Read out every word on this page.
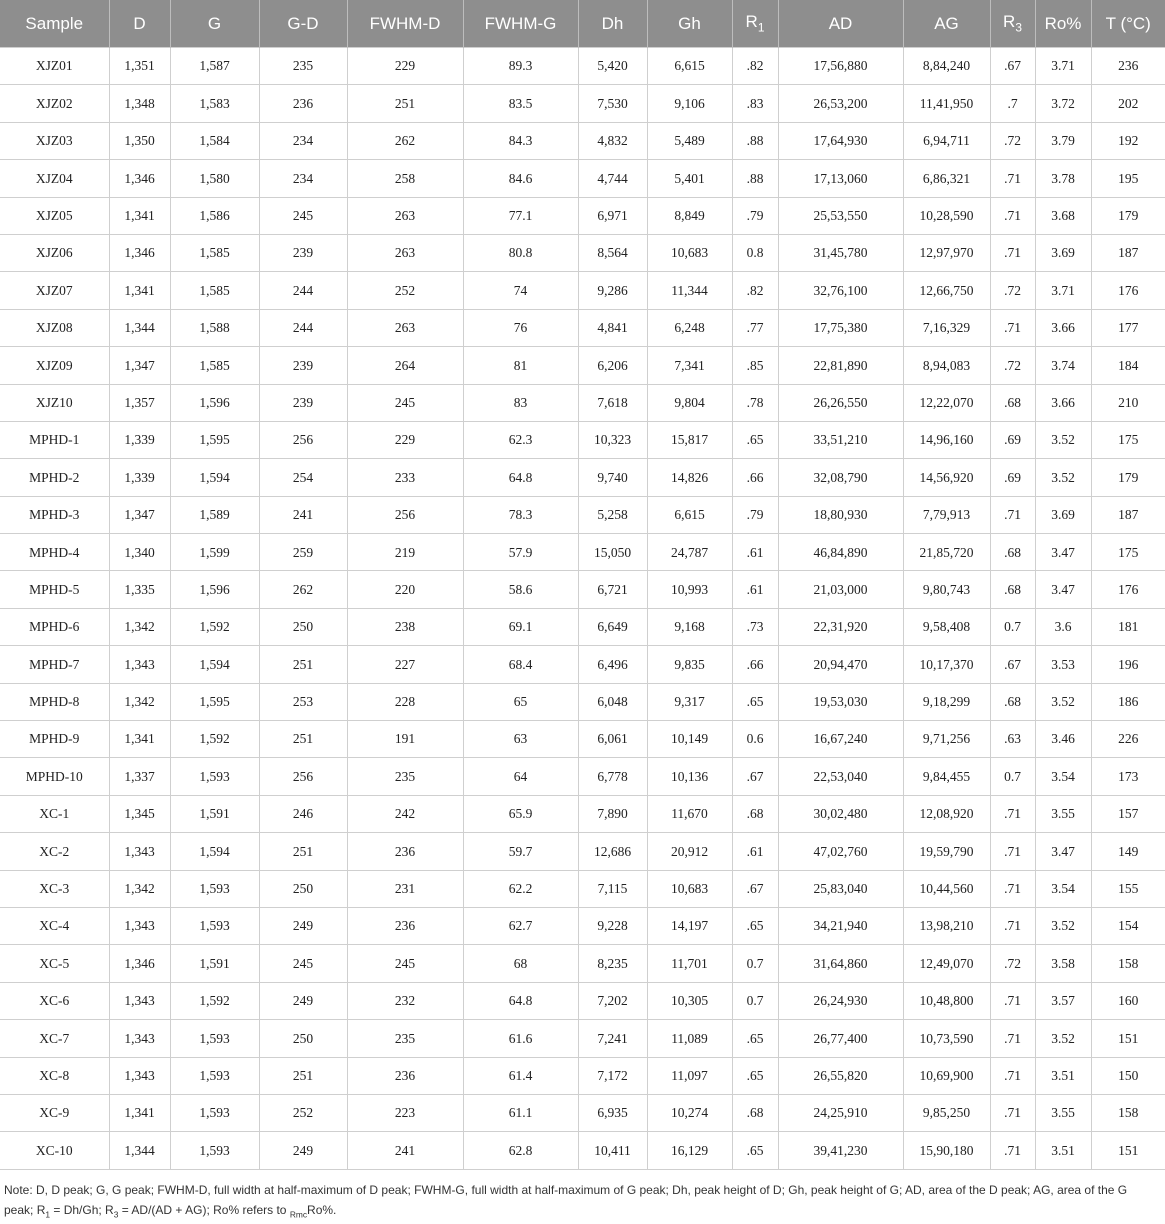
Sample	D	G	G-D	FWHM-D	FWHM-G	Dh	Gh	$R_1$	AD	AG	$R_3$	Ro%	T (°C)
XJZ01	1,351	1,587	235	229	89.3	5,420	6,615	.82	17,56,880	8,84,240	.67	3.71	236
XJZ02	1,348	1,583	236	251	83.5	7,530	9,106	.83	26,53,200	11,41,950	.7	3.72	202
XJZ03	1,350	1,584	234	262	84.3	4,832	5,489	.88	17,64,930	6,94,711	.72	3.79	192
XJZ04	1,346	1,580	234	258	84.6	4,744	5,401	.88	17,13,060	6,86,321	.71	3.78	195
XJZ05	1,341	1,586	245	263	77.1	6,971	8,849	.79	25,53,550	10,28,590	.71	3.68	179
XJZ06	1,346	1,585	239	263	80.8	8,564	10,683	0.8	31,45,780	12,97,970	.71	3.69	187
XJZ07	1,341	1,585	244	252	74	9,286	11,344	.82	32,76,100	12,66,750	.72	3.71	176
XJZ08	1,344	1,588	244	263	76	4,841	6,248	.77	17,75,380	7,16,329	.71	3.66	177
XJZ09	1,347	1,585	239	264	81	6,206	7,341	.85	22,81,890	8,94,083	.72	3.74	184
XJZ10	1,357	1,596	239	245	83	7,618	9,804	.78	26,26,550	12,22,070	.68	3.66	210
MPHD-1	1,339	1,595	256	229	62.3	10,323	15,817	.65	33,51,210	14,96,160	.69	3.52	175
MPHD-2	1,339	1,594	254	233	64.8	9,740	14,826	.66	32,08,790	14,56,920	.69	3.52	179
MPHD-3	1,347	1,589	241	256	78.3	5,258	6,615	.79	18,80,930	7,79,913	.71	3.69	187
MPHD-4	1,340	1,599	259	219	57.9	15,050	24,787	.61	46,84,890	21,85,720	.68	3.47	175
MPHD-5	1,335	1,596	262	220	58.6	6,721	10,993	.61	21,03,000	9,80,743	.68	3.47	176
MPHD-6	1,342	1,592	250	238	69.1	6,649	9,168	.73	22,31,920	9,58,408	0.7	3.6	181
MPHD-7	1,343	1,594	251	227	68.4	6,496	9,835	.66	20,94,470	10,17,370	.67	3.53	196
MPHD-8	1,342	1,595	253	228	65	6,048	9,317	.65	19,53,030	9,18,299	.68	3.52	186
MPHD-9	1,341	1,592	251	191	63	6,061	10,149	0.6	16,67,240	9,71,256	.63	3.46	226
MPHD-10	1,337	1,593	256	235	64	6,778	10,136	.67	22,53,040	9,84,455	0.7	3.54	173
XC-1	1,345	1,591	246	242	65.9	7,890	11,670	.68	30,02,480	12,08,920	.71	3.55	157
XC-2	1,343	1,594	251	236	59.7	12,686	20,912	.61	47,02,760	19,59,790	.71	3.47	149
XC-3	1,342	1,593	250	231	62.2	7,115	10,683	.67	25,83,040	10,44,560	.71	3.54	155
XC-4	1,343	1,593	249	236	62.7	9,228	14,197	.65	34,21,940	13,98,210	.71	3.52	154
XC-5	1,346	1,591	245	245	68	8,235	11,701	0.7	31,64,860	12,49,070	.72	3.58	158
XC-6	1,343	1,592	249	232	64.8	7,202	10,305	0.7	26,24,930	10,48,800	.71	3.57	160
XC-7	1,343	1,593	250	235	61.6	7,241	11,089	.65	26,77,400	10,73,590	.71	3.52	151
XC-8	1,343	1,593	251	236	61.4	7,172	11,097	.65	26,55,820	10,69,900	.71	3.51	150
XC-9	1,341	1,593	252	223	61.1	6,935	10,274	.68	24,25,910	9,85,250	.71	3.55	158
XC-10	1,344	1,593	249	241	62.8	10,411	16,129	.65	39,41,230	15,90,180	.71	3.51	151
Note: D, D peak; G, G peak; FWHM-D, full width at half-maximum of D peak; FWHM-G, full width at half-maximum of G peak; Dh, peak height of D; Gh, peak height of G; AD, area of the D peak; AG, area of the G peak; $R_1 = Dh/Gh$; $R_3 = AD/(AD + AG)$; Ro% refers to $_{Rmc}$Ro%.
